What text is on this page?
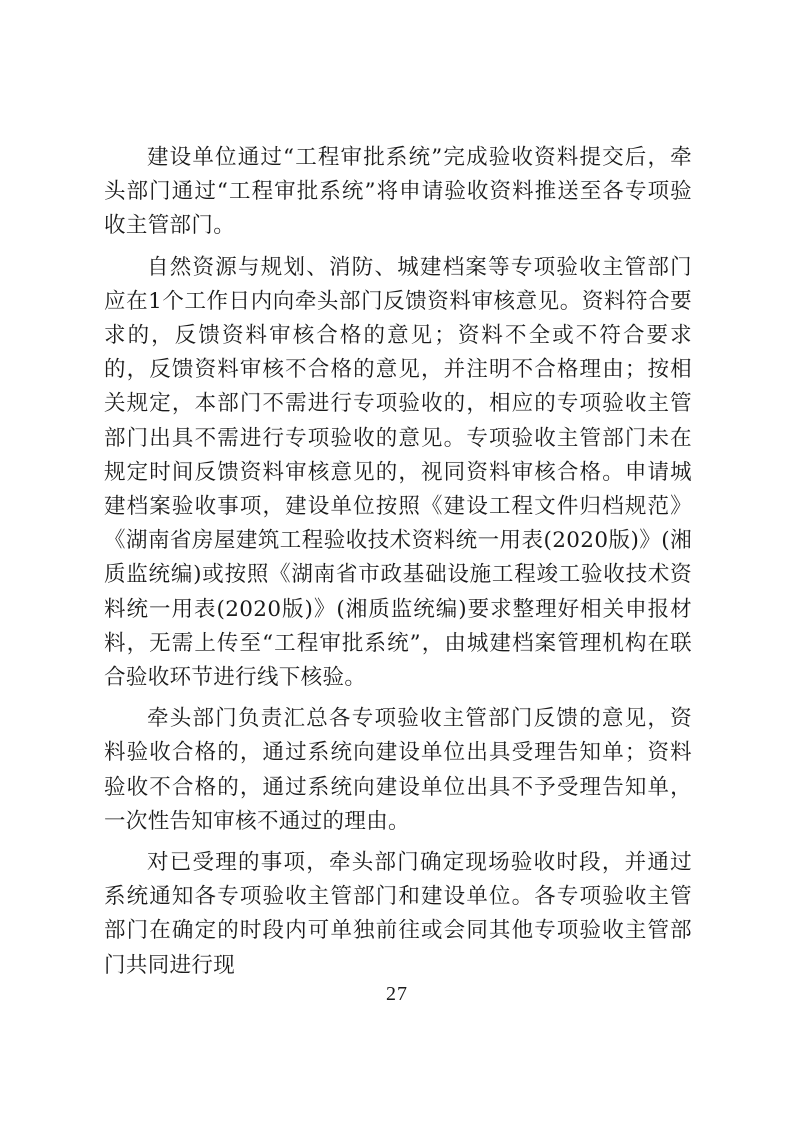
建设单位通过“工程审批系统”完成验收资料提交后，牵头部门通过“工程审批系统”将申请验收资料推送至各专项验收主管部门。

自然资源与规划、消防、城建档案等专项验收主管部门应在1个工作日内向牵头部门反馈资料审核意见。资料符合要求的，反馈资料审核合格的意见；资料不全或不符合要求的，反馈资料审核不合格的意见，并注明不合格理由；按相关规定，本部门不需进行专项验收的，相应的专项验收主管部门出具不需进行专项验收的意见。专项验收主管部门未在规定时间反馈资料审核意见的，视同资料审核合格。申请城建档案验收事项，建设单位按照《建设工程文件归档规范》《湖南省房屋建筑工程验收技术资料统一用表(2020版)》(湘质监统编)或按照《湖南省市政基础设施工程竣工验收技术资料统一用表(2020版)》(湘质监统编)要求整理好相关申报材料，无需上传至“工程审批系统”，由城建档案管理机构在联合验收环节进行线下核验。

牵头部门负责汇总各专项验收主管部门反馈的意见，资料验收合格的，通过系统向建设单位出具受理告知单；资料验收不合格的，通过系统向建设单位出具不予受理告知单，一次性告知审核不通过的理由。

对已受理的事项，牵头部门确定现场验收时段，并通过系统通知各专项验收主管部门和建设单位。各专项验收主管部门在确定的时段内可单独前往或会同其他专项验收主管部门共同进行现

27
